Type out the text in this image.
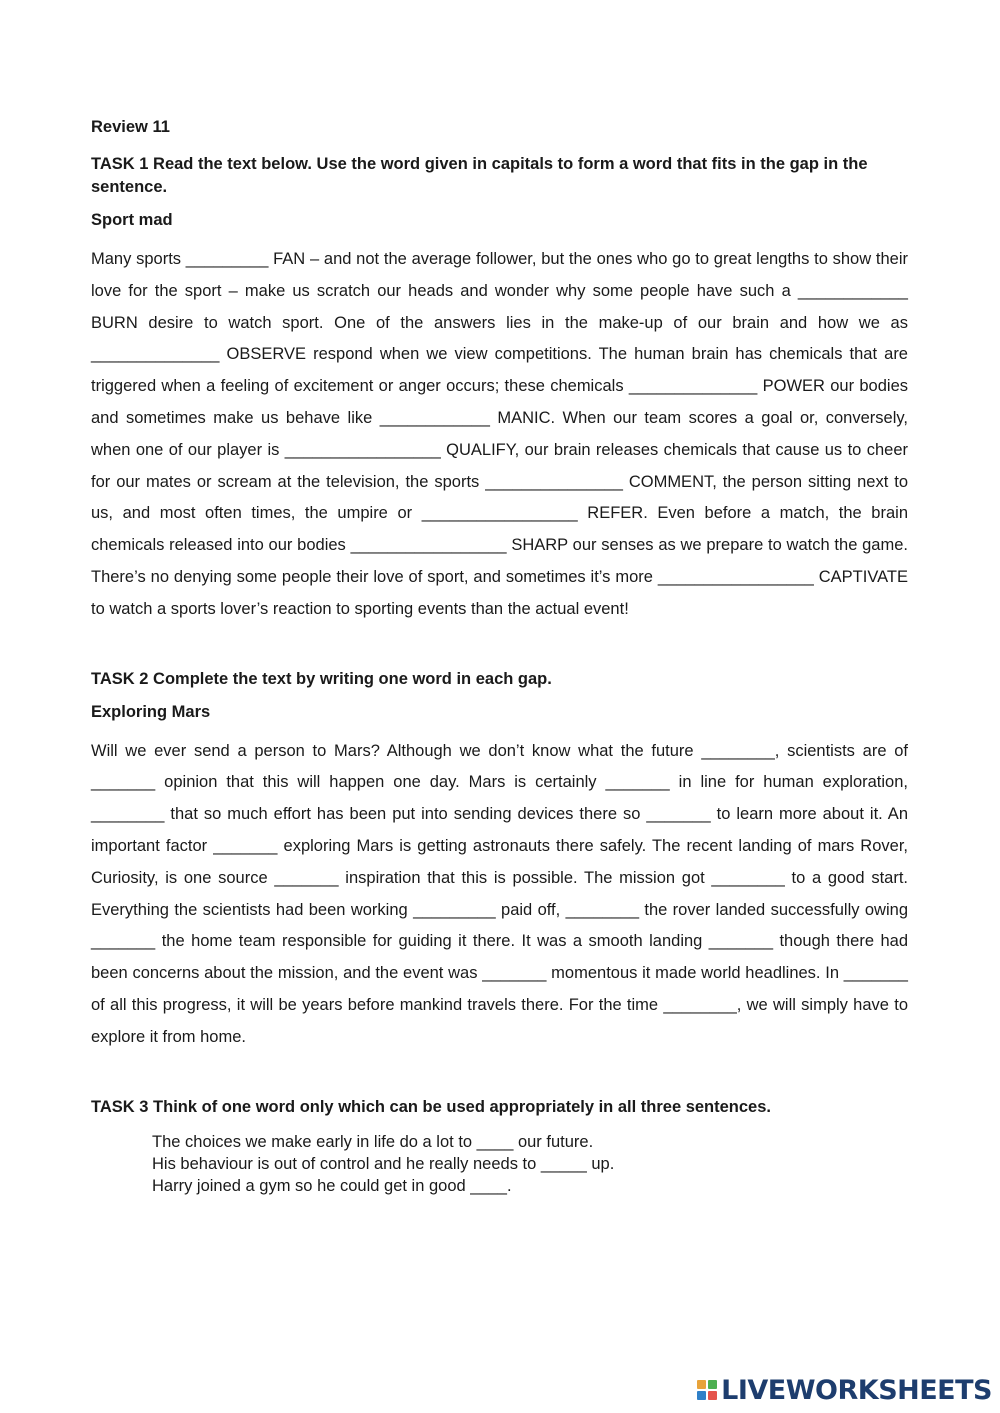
Review 11
TASK 1 Read the text below. Use the word given in capitals to form a word that fits in the gap in the sentence.
Sport mad

Many sports _________ FAN – and not the average follower, but the ones who go to great lengths to show their love for the sport – make us scratch our heads and wonder why some people have such a ____________ BURN desire to watch sport. One of the answers lies in the make-up of our brain and how we as ______________ OBSERVE respond when we view competitions. The human brain has chemicals that are triggered when a feeling of excitement or anger occurs; these chemicals ______________ POWER our bodies and sometimes make us behave like ____________ MANIC. When our team scores a goal or, conversely, when one of our player is _________________ QUALIFY, our brain releases chemicals that cause us to cheer for our mates or scream at the television, the sports _______________ COMMENT, the person sitting next to us, and most often times, the umpire or _________________ REFER. Even before a match, the brain chemicals released into our bodies _________________ SHARP our senses as we prepare to watch the game. There’s no denying some people their love of sport, and sometimes it’s more _________________ CAPTIVATE to watch a sports lover’s reaction to sporting events than the actual event!

TASK 2 Complete the text by writing one word in each gap.
Exploring Mars

Will we ever send a person to Mars? Although we don’t know what the future ________, scientists are of _______ opinion that this will happen one day. Mars is certainly _______ in line for human exploration, ________ that so much effort has been put into sending devices there so _______ to learn more about it. An important factor _______ exploring Mars is getting astronauts there safely. The recent landing of mars Rover, Curiosity, is one source _______ inspiration that this is possible. The mission got ________ to a good start. Everything the scientists had been working _________ paid off, ________ the rover landed successfully owing _______ the home team responsible for guiding it there. It was a smooth landing _______ though there had been concerns about the mission, and the event was _______ momentous it made world headlines. In _______ of all this progress, it will be years before mankind travels there. For the time ________, we will simply have to explore it from home.

TASK 3 Think of one word only which can be used appropriately in all three sentences.
The choices we make early in life do a lot to ____ our future.
His behaviour is out of control and he really needs to _____ up.
Harry joined a gym so he could get in good ____.
LIVEWORKSHEETS
